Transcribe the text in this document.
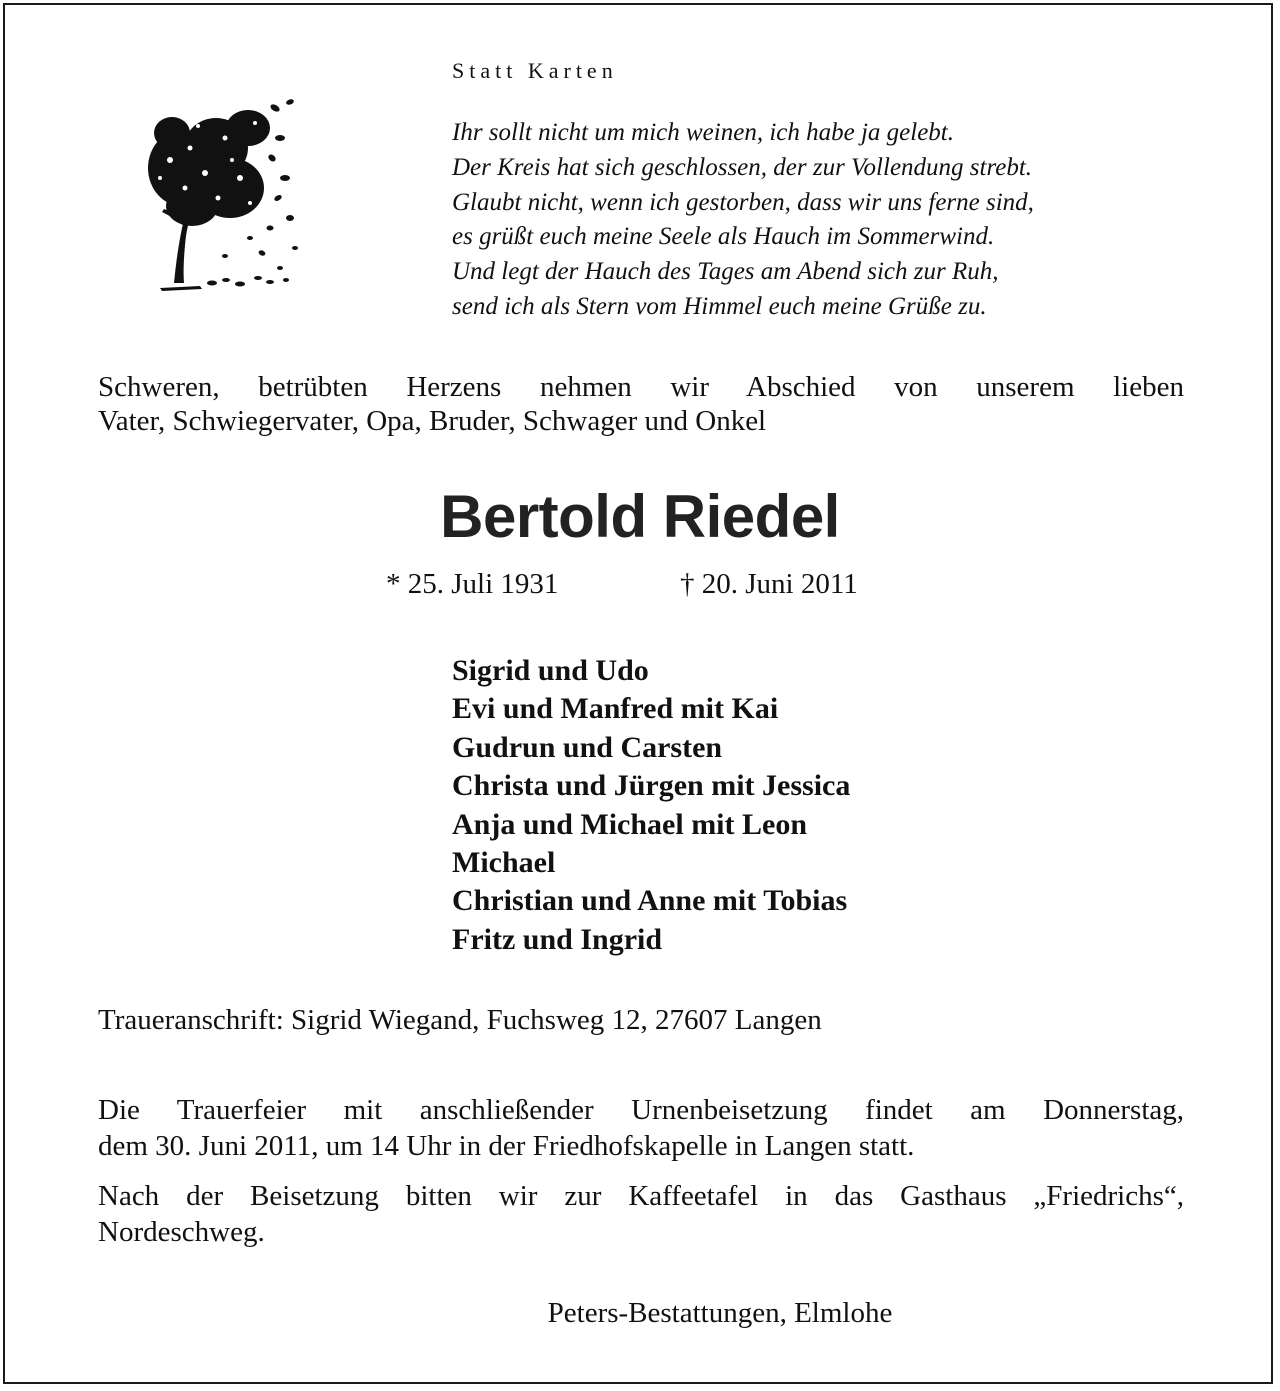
Statt Karten
Ihr sollt nicht um mich weinen, ich habe ja gelebt.
Der Kreis hat sich geschlossen, der zur Vollendung strebt.
Glaubt nicht, wenn ich gestorben, dass wir uns ferne sind,
es grüßt euch meine Seele als Hauch im Sommerwind.
Und legt der Hauch des Tages am Abend sich zur Ruh,
send ich als Stern vom Himmel euch meine Grüße zu.
Schweren, betrübten Herzens nehmen wir Abschied von unserem lieben
Vater, Schwiegervater, Opa, Bruder, Schwager und Onkel
Bertold Riedel
* 25. Juli 1931	† 20. Juni 2011
Sigrid und Udo
Evi und Manfred mit Kai
Gudrun und Carsten
Christa und Jürgen mit Jessica
Anja und Michael mit Leon
Michael
Christian und Anne mit Tobias
Fritz und Ingrid
Traueranschrift: Sigrid Wiegand, Fuchsweg 12, 27607 Langen
Die Trauerfeier mit anschließender Urnenbeisetzung findet am Donnerstag,
dem 30. Juni 2011, um 14 Uhr in der Friedhofskapelle in Langen statt.
Nach der Beisetzung bitten wir zur Kaffeetafel in das Gasthaus „Friedrichs“,
Nordeschweg.
Peters-Bestattungen, Elmlohe
